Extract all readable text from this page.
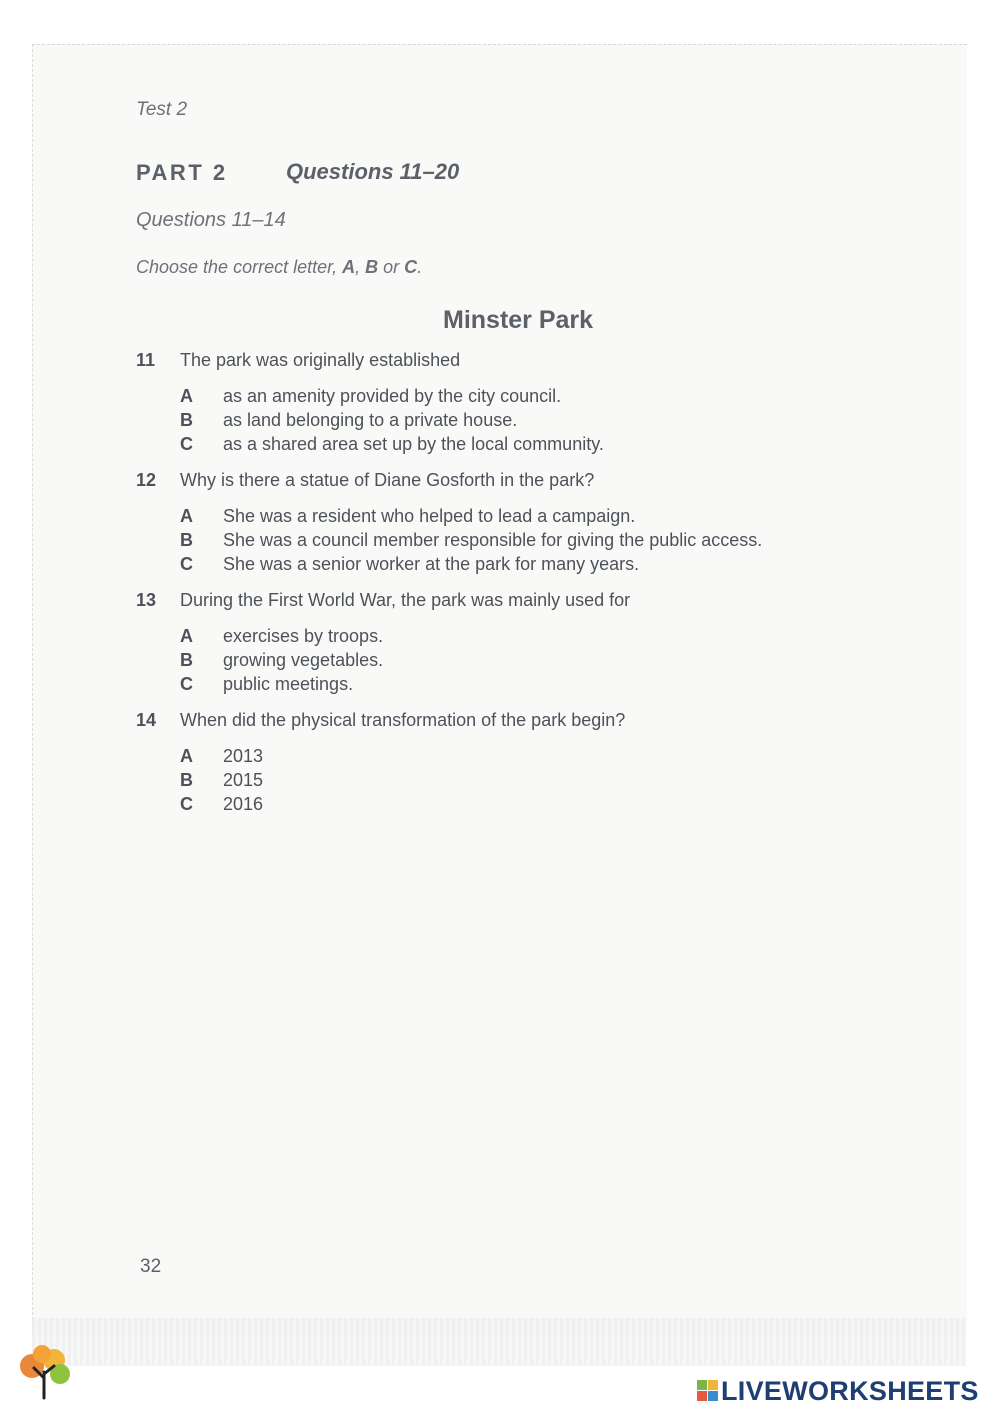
Test 2
PART 2	Questions 11–20
Questions 11–14
Choose the correct letter, A, B or C.
Minster Park
11 The park was originally established
A as an amenity provided by the city council.
B as land belonging to a private house.
C as a shared area set up by the local community.
12 Why is there a statue of Diane Gosforth in the park?
A She was a resident who helped to lead a campaign.
B She was a council member responsible for giving the public access.
C She was a senior worker at the park for many years.
13 During the First World War, the park was mainly used for
A exercises by troops.
B growing vegetables.
C public meetings.
14 When did the physical transformation of the park begin?
A 2013
B 2015
C 2016
32
LIVEWORKSHEETS
